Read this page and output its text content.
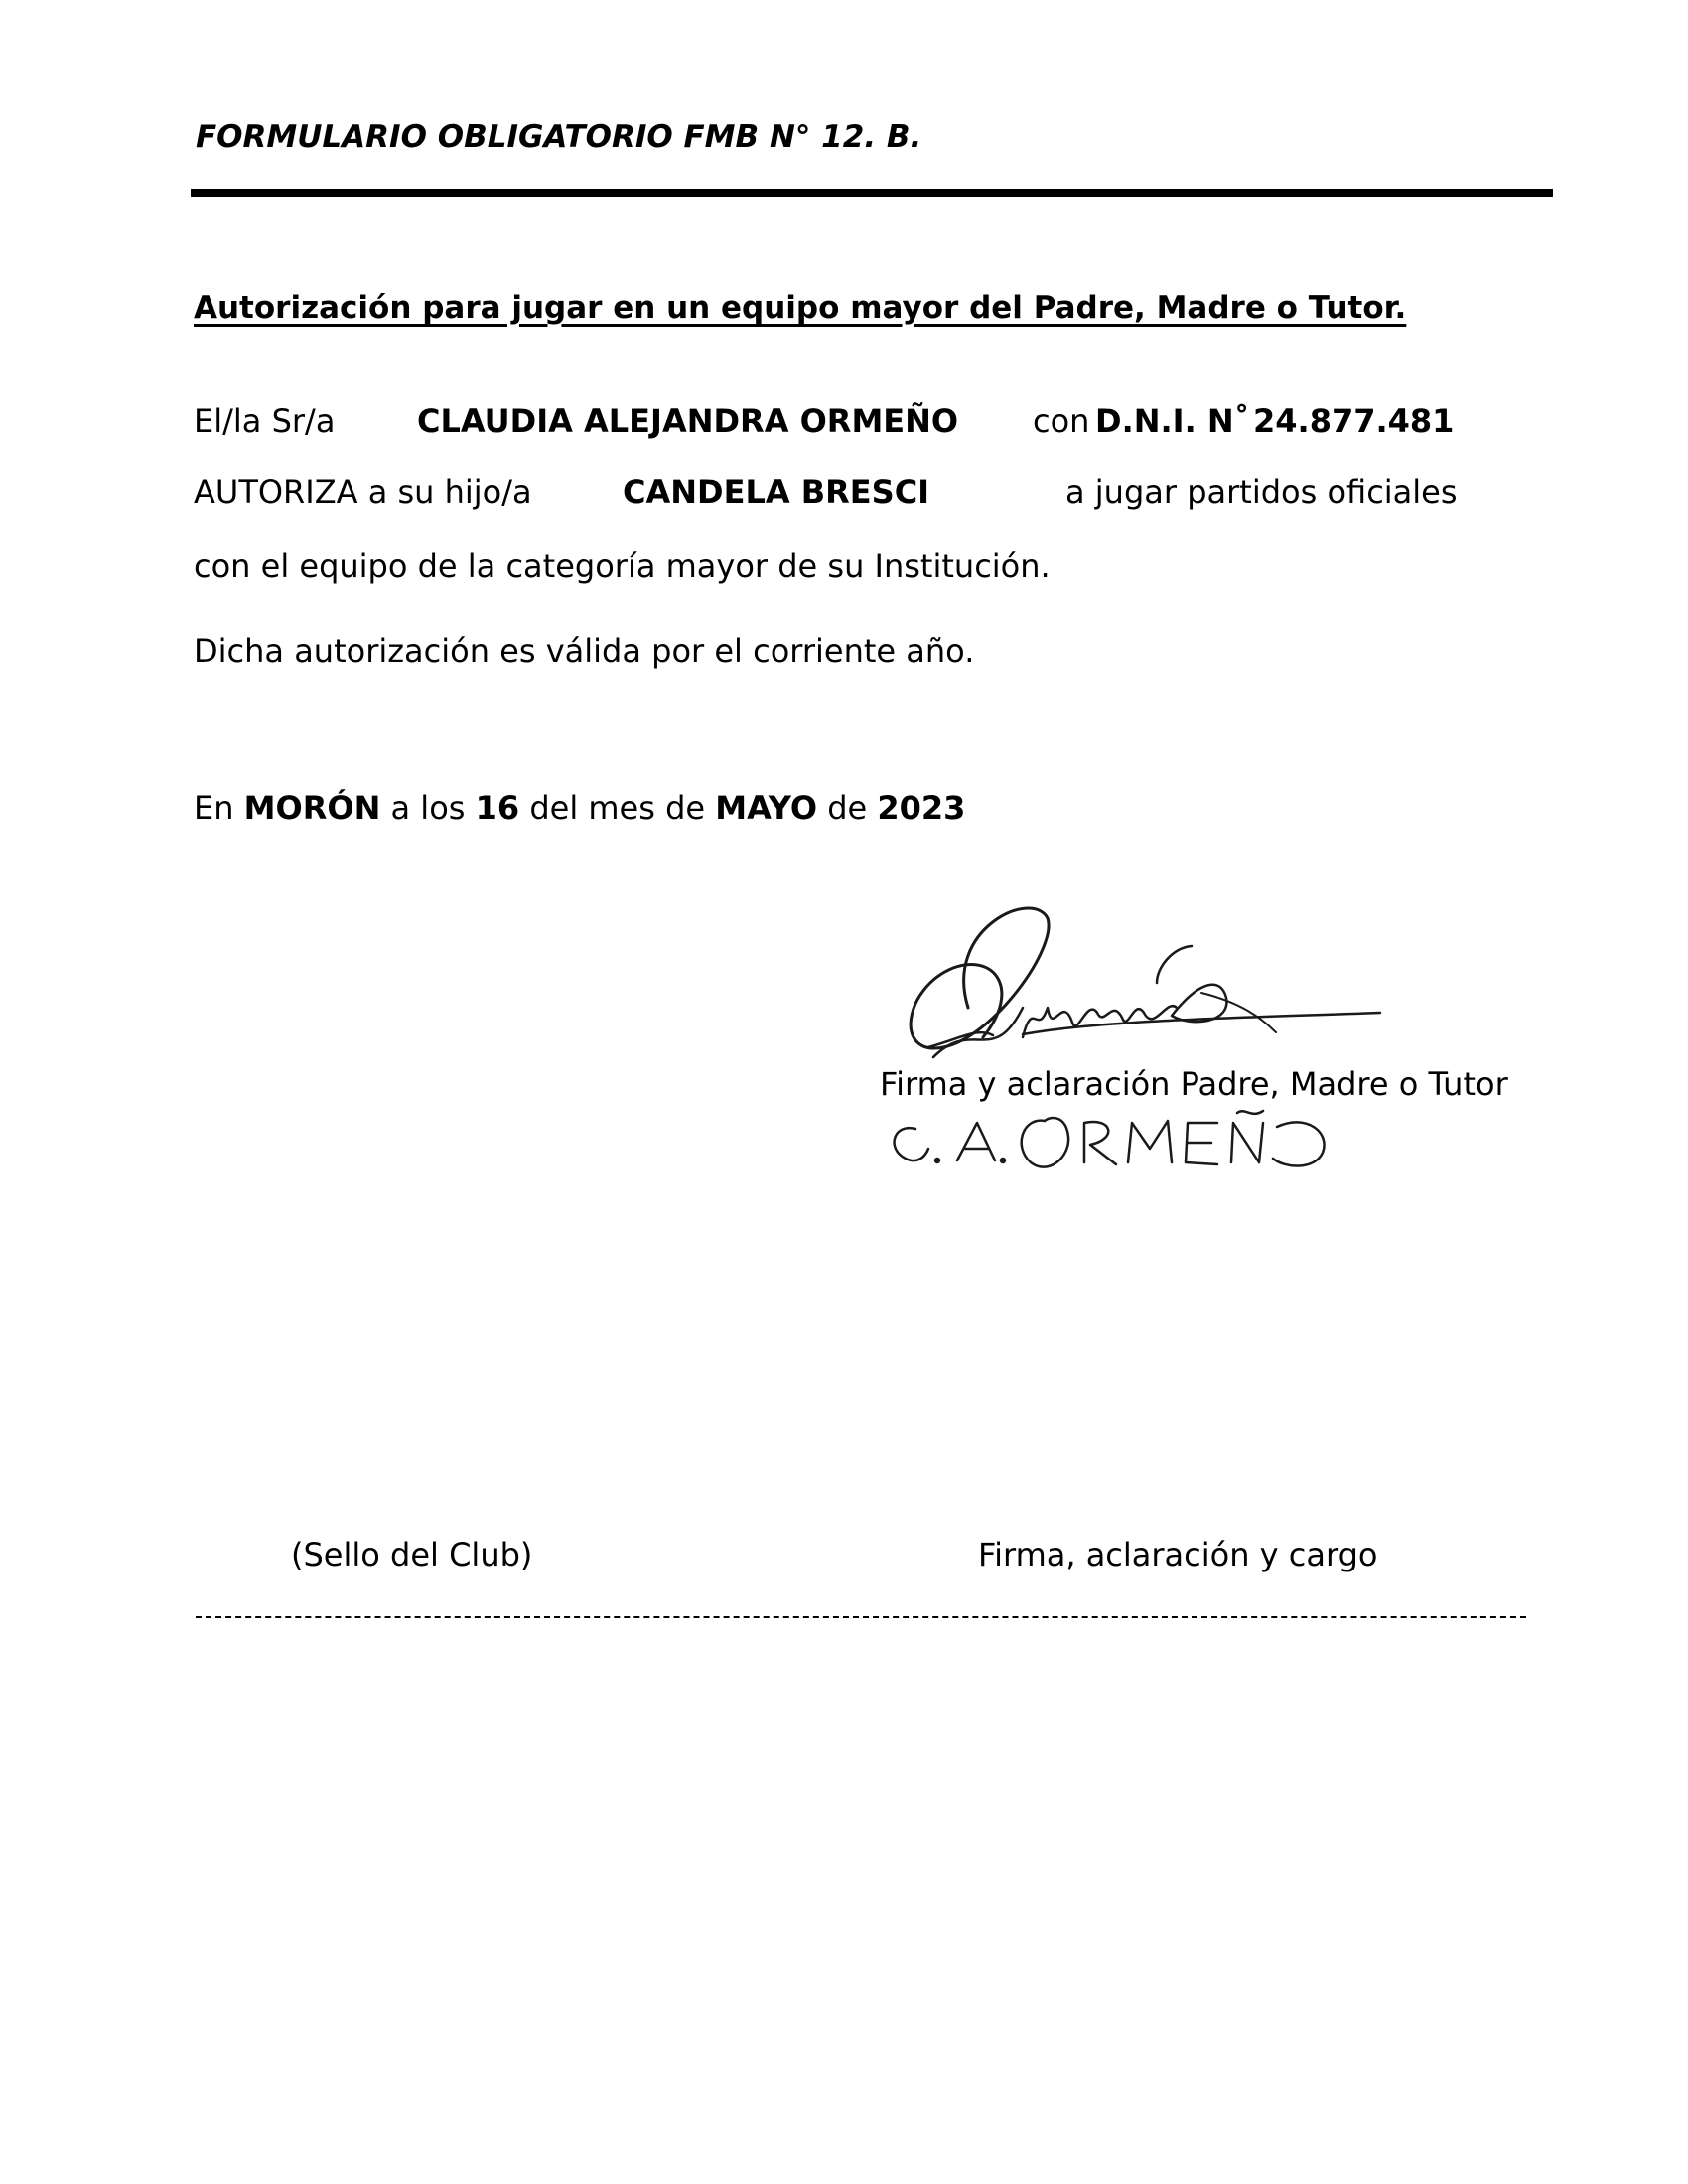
FORMULARIO OBLIGATORIO FMB N° 12. B.
Autorización para jugar en un equipo mayor del Padre, Madre o Tutor.
El/la Sr/a	CLAUDIA ALEJANDRA ORMEÑO con D.N.I. N˚ 24.877.481
AUTORIZA a su hijo/a	CANDELA BRESCI	a jugar partidos oficiales
con el equipo de la categoría mayor de su Institución.
Dicha autorización es válida por el corriente año.
En MORÓN a los 16 del mes de MAYO de 2023
Firma y aclaración Padre, Madre o Tutor
(Sello del Club)	Firma, aclaración y cargo
